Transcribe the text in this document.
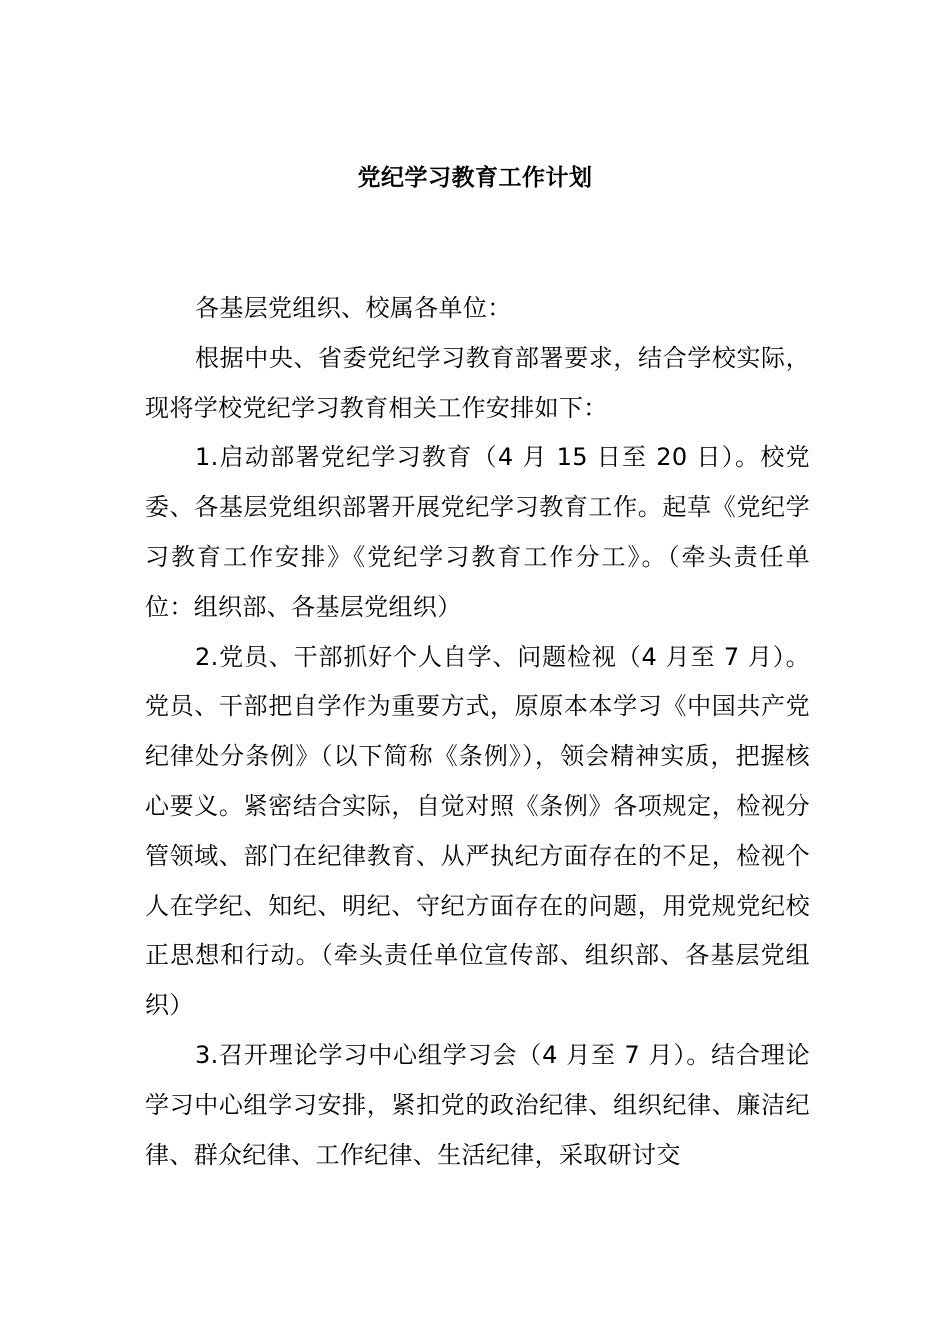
党纪学习教育工作计划

各基层党组织、校属各单位：

根据中央、省委党纪学习教育部署要求，结合学校实际，现将学校党纪学习教育相关工作安排如下：

1.启动部署党纪学习教育（4 月 15 日至 20 日）。校党委、各基层党组织部署开展党纪学习教育工作。起草《党纪学习教育工作安排》《党纪学习教育工作分工》。（牵头责任单位：组织部、各基层党组织）

2.党员、干部抓好个人自学、问题检视（4 月至 7 月）。党员、干部把自学作为重要方式，原原本本学习《中国共产党纪律处分条例》（以下简称《条例》），领会精神实质，把握核心要义。紧密结合实际，自觉对照《条例》各项规定，检视分管领域、部门在纪律教育、从严执纪方面存在的不足，检视个人在学纪、知纪、明纪、守纪方面存在的问题，用党规党纪校正思想和行动。（牵头责任单位宣传部、组织部、各基层党组织）

3.召开理论学习中心组学习会（4 月至 7 月）。结合理论学习中心组学习安排，紧扣党的政治纪律、组织纪律、廉洁纪律、群众纪律、工作纪律、生活纪律，采取研讨交
